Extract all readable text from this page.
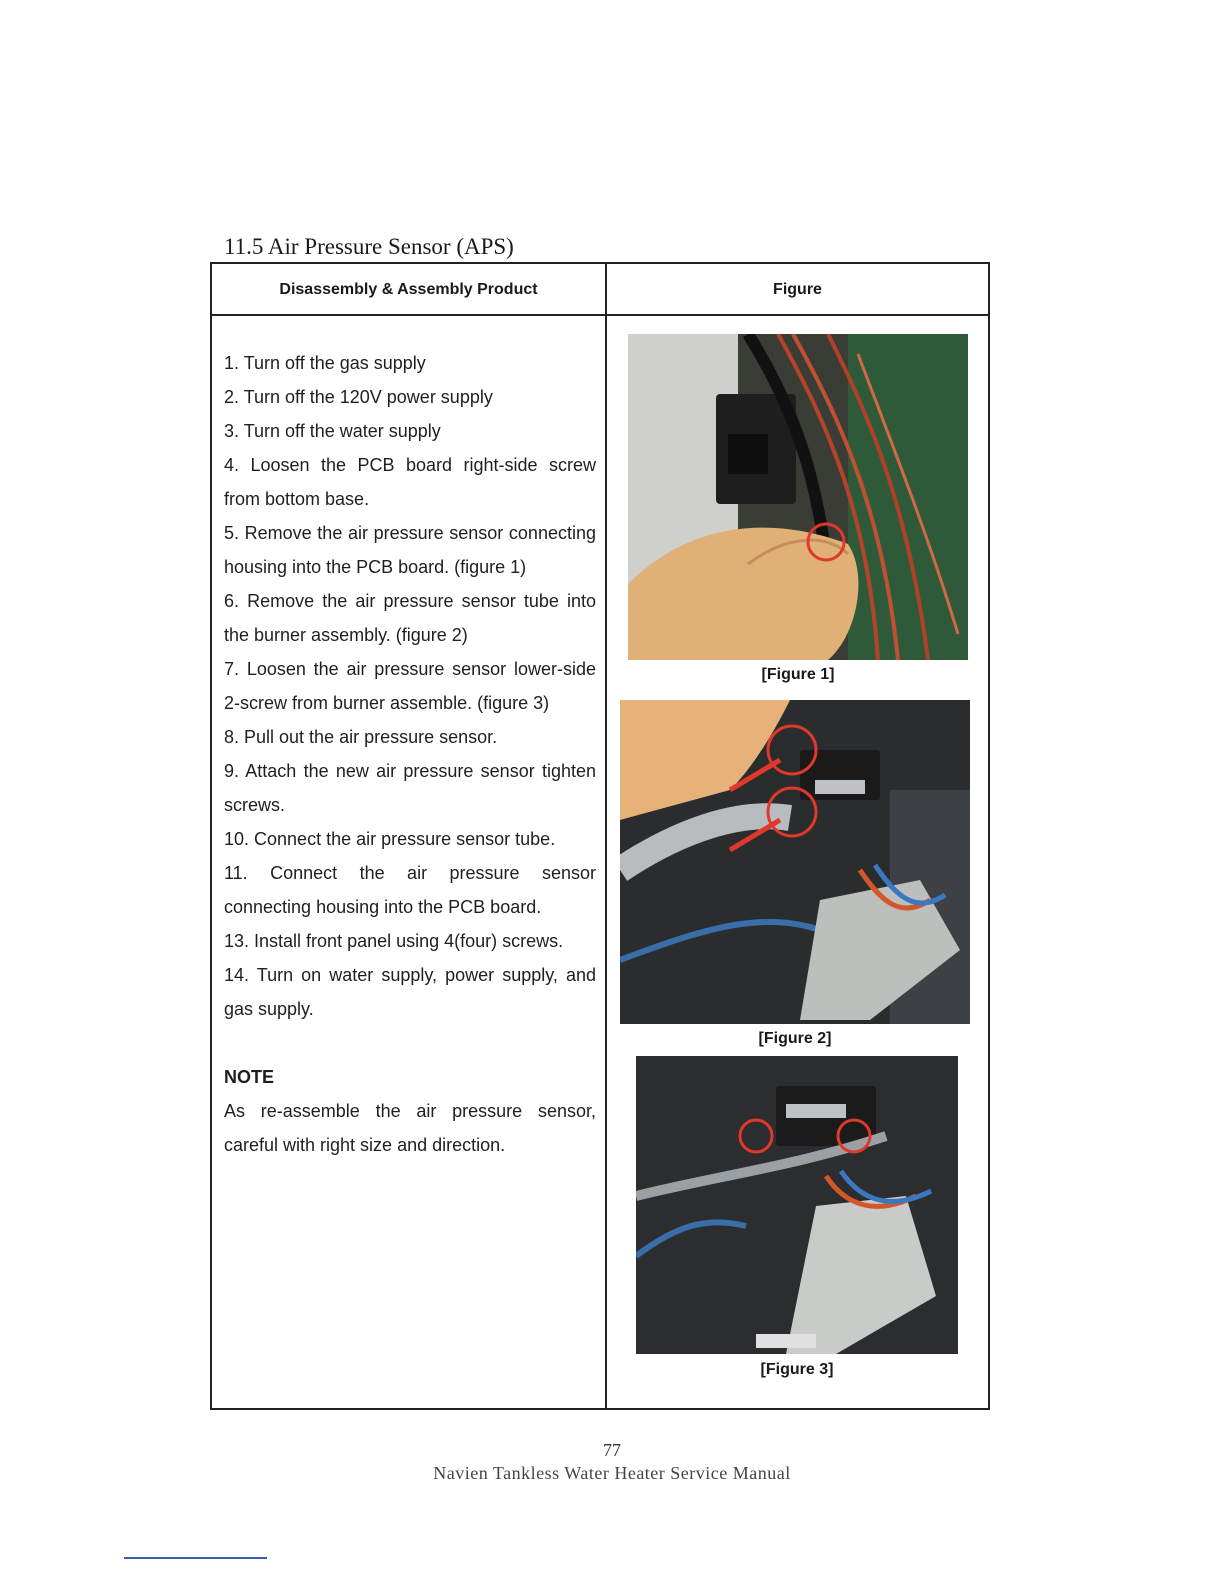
11.5 Air Pressure Sensor (APS)
Disassembly & Assembly Product	Figure
1. Turn off the gas supply
2. Turn off the 120V power supply
3. Turn off the water supply
4. Loosen the PCB board right-side screw from bottom base.
5. Remove the air pressure sensor connecting housing into the PCB board. (figure 1)
6. Remove the air pressure sensor tube into the burner assembly. (figure 2)
7. Loosen the air pressure sensor lower-side 2-screw from burner assemble. (figure 3)
8. Pull out the air pressure sensor.
9. Attach the new air pressure sensor tighten screws.
10. Connect the air pressure sensor tube.
11. Connect the air pressure sensor connecting housing into the PCB board.
13. Install front panel using 4(four) screws.
14. Turn on water supply, power supply, and gas supply.
NOTE
As re-assemble the air pressure sensor, careful with right size and direction.
[Figure 1]
[Figure 2]
[Figure 3]
77
Navien Tankless Water Heater Service Manual
